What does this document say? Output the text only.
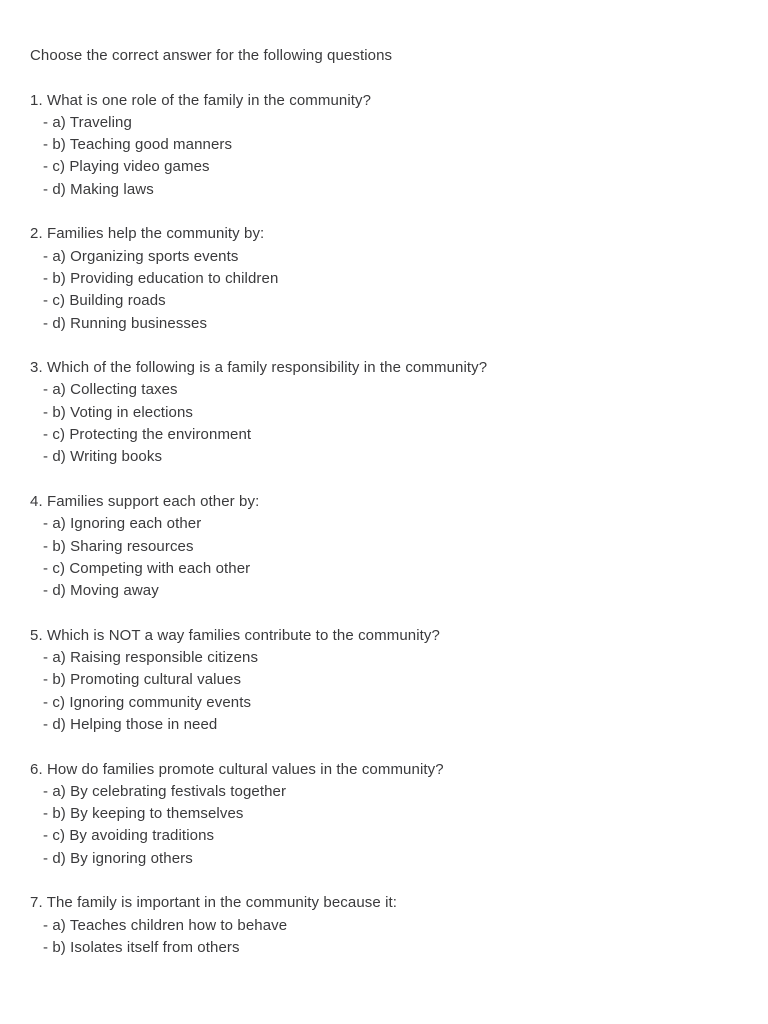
Choose the correct answer for the following questions
1. What is one role of the family in the community?
- a) Traveling
- b) Teaching good manners
- c) Playing video games
- d) Making laws
2. Families help the community by:
- a) Organizing sports events
- b) Providing education to children
- c) Building roads
- d) Running businesses
3. Which of the following is a family responsibility in the community?
- a) Collecting taxes
- b) Voting in elections
- c) Protecting the environment
- d) Writing books
4. Families support each other by:
- a) Ignoring each other
- b) Sharing resources
- c) Competing with each other
- d) Moving away
5. Which is NOT a way families contribute to the community?
- a) Raising responsible citizens
- b) Promoting cultural values
- c) Ignoring community events
- d) Helping those in need
6. How do families promote cultural values in the community?
- a) By celebrating festivals together
- b) By keeping to themselves
- c) By avoiding traditions
- d) By ignoring others
7. The family is important in the community because it:
- a) Teaches children how to behave
- b) Isolates itself from others
